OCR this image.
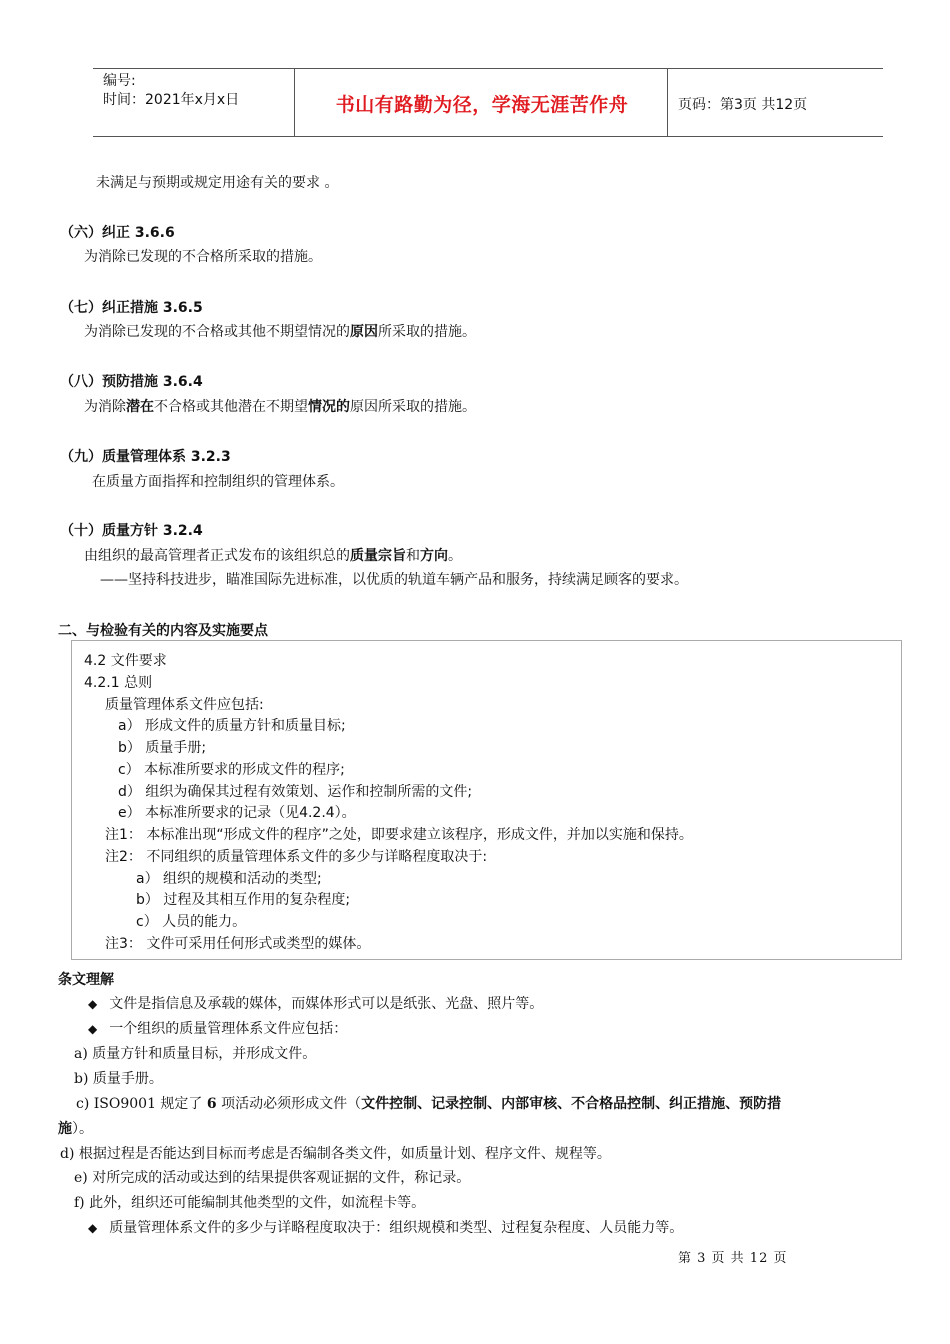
编号:
时间：2021年x月x日	书山有路勤为径，学海无涯苦作舟	页码：第3页 共12页
未满足与预期或规定用途有关的要求 。
（六）纠正 3.6.6
为消除已发现的不合格所采取的措施。
（七）纠正措施 3.6.5
为消除已发现的不合格或其他不期望情况的原因所采取的措施。
（八）预防措施 3.6.4
为消除潜在不合格或其他潜在不期望情况的原因所采取的措施。
（九）质量管理体系 3.2.3
在质量方面指挥和控制组织的管理体系。
（十）质量方针 3.2.4
由组织的最高管理者正式发布的该组织总的质量宗旨和方向。
——坚持科技进步，瞄准国际先进标准，以优质的轨道车辆产品和服务，持续满足顾客的要求。
二、与检验有关的内容及实施要点
4.2 文件要求
4.2.1 总则
质量管理体系文件应包括:
a） 形成文件的质量方针和质量目标;
b） 质量手册;
c） 本标准所要求的形成文件的程序;
d） 组织为确保其过程有效策划、运作和控制所需的文件;
e） 本标准所要求的记录（见4.2.4）。
注1： 本标准出现“形成文件的程序”之处，即要求建立该程序，形成文件，并加以实施和保持。
注2： 不同组织的质量管理体系文件的多少与详略程度取决于:
a） 组织的规模和活动的类型;
b） 过程及其相互作用的复杂程度;
c） 人员的能力。
注3： 文件可采用任何形式或类型的媒体。
条文理解
◆ 文件是指信息及承载的媒体，而媒体形式可以是纸张、光盘、照片等。
◆ 一个组织的质量管理体系文件应包括：
a) 质量方针和质量目标，并形成文件。
b) 质量手册。
c) ISO9001 规定了 6 项活动必须形成文件（文件控制、记录控制、内部审核、不合格品控制、纠正措施、预防措
施）。
d) 根据过程是否能达到目标而考虑是否编制各类文件，如质量计划、程序文件、规程等。
e) 对所完成的活动或达到的结果提供客观证据的文件，称记录。
f) 此外，组织还可能编制其他类型的文件，如流程卡等。
◆ 质量管理体系文件的多少与详略程度取决于：组织规模和类型、过程复杂程度、人员能力等。
第 3 页 共 12 页
